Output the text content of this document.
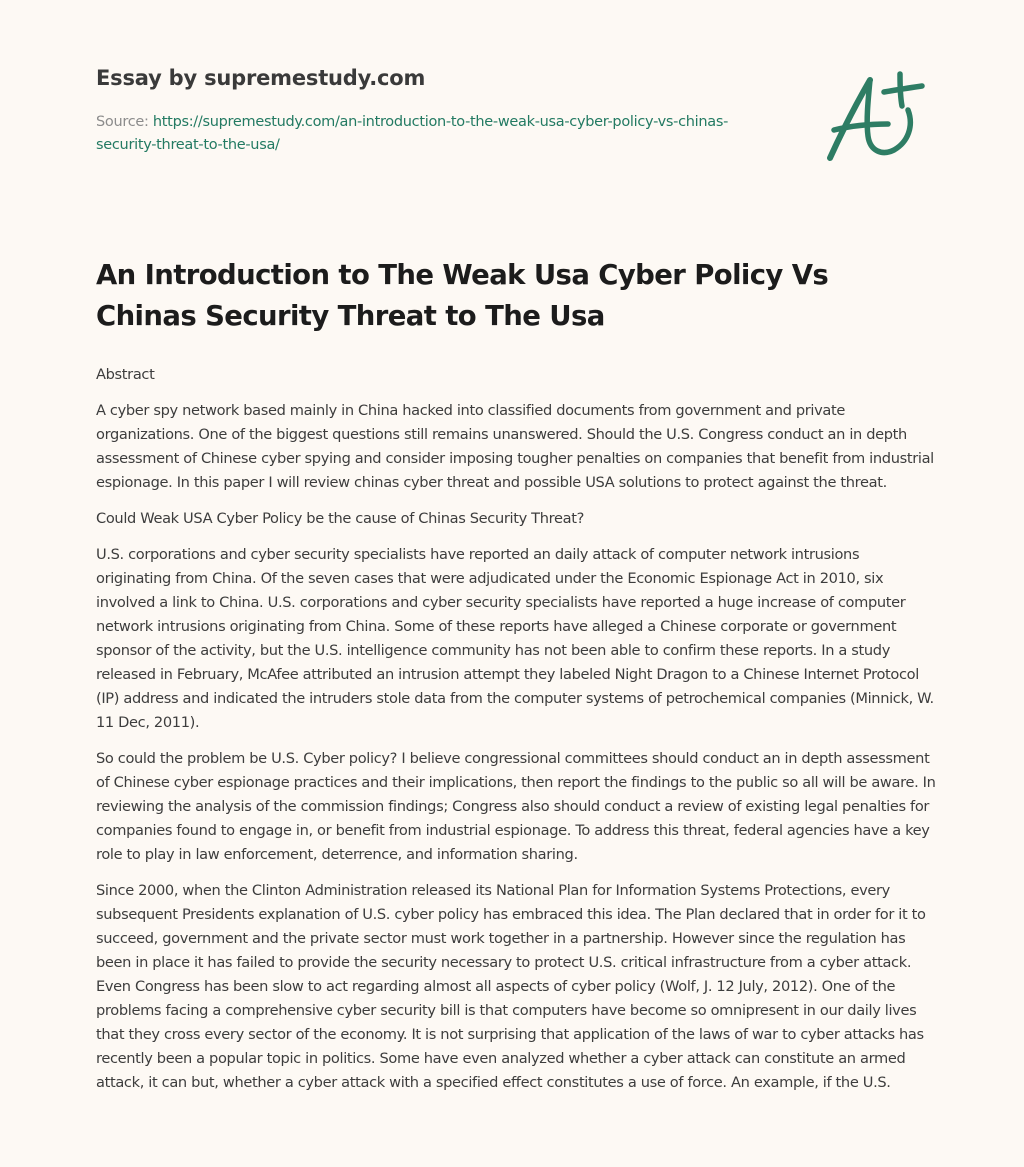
Essay by supremestudy.com
Source: https://supremestudy.com/an-introduction-to-the-weak-usa-cyber-policy-vs-chinas-security-threat-to-the-usa/
An Introduction to The Weak Usa Cyber Policy Vs Chinas Security Threat to The Usa

Abstract

A cyber spy network based mainly in China hacked into classified documents from government and private organizations. One of the biggest questions still remains unanswered. Should the U.S. Congress conduct an in depth assessment of Chinese cyber spying and consider imposing tougher penalties on companies that benefit from industrial espionage. In this paper I will review chinas cyber threat and possible USA solutions to protect against the threat.

Could Weak USA Cyber Policy be the cause of Chinas Security Threat?

U.S. corporations and cyber security specialists have reported an daily attack of computer network intrusions originating from China. Of the seven cases that were adjudicated under the Economic Espionage Act in 2010, six involved a link to China. U.S. corporations and cyber security specialists have reported a huge increase of computer network intrusions originating from China. Some of these reports have alleged a Chinese corporate or government sponsor of the activity, but the U.S. intelligence community has not been able to confirm these reports. In a study released in February, McAfee attributed an intrusion attempt they labeled Night Dragon to a Chinese Internet Protocol (IP) address and indicated the intruders stole data from the computer systems of petrochemical companies (Minnick, W. 11 Dec, 2011).

So could the problem be U.S. Cyber policy? I believe congressional committees should conduct an in depth assessment of Chinese cyber espionage practices and their implications, then report the findings to the public so all will be aware. In reviewing the analysis of the commission findings; Congress also should conduct a review of existing legal penalties for companies found to engage in, or benefit from industrial espionage. To address this threat, federal agencies have a key role to play in law enforcement, deterrence, and information sharing.

Since 2000, when the Clinton Administration released its National Plan for Information Systems Protections, every subsequent Presidents explanation of U.S. cyber policy has embraced this idea. The Plan declared that in order for it to succeed, government and the private sector must work together in a partnership. However since the regulation has been in place it has failed to provide the security necessary to protect U.S. critical infrastructure from a cyber attack. Even Congress has been slow to act regarding almost all aspects of cyber policy (Wolf, J. 12 July, 2012). One of the problems facing a comprehensive cyber security bill is that computers have become so omnipresent in our daily lives that they cross every sector of the economy. It is not surprising that application of the laws of war to cyber attacks has recently been a popular topic in politics. Some have even analyzed whether a cyber attack can constitute an armed attack, it can but, whether a cyber attack with a specified effect constitutes a use of force. An example, if the U.S.
